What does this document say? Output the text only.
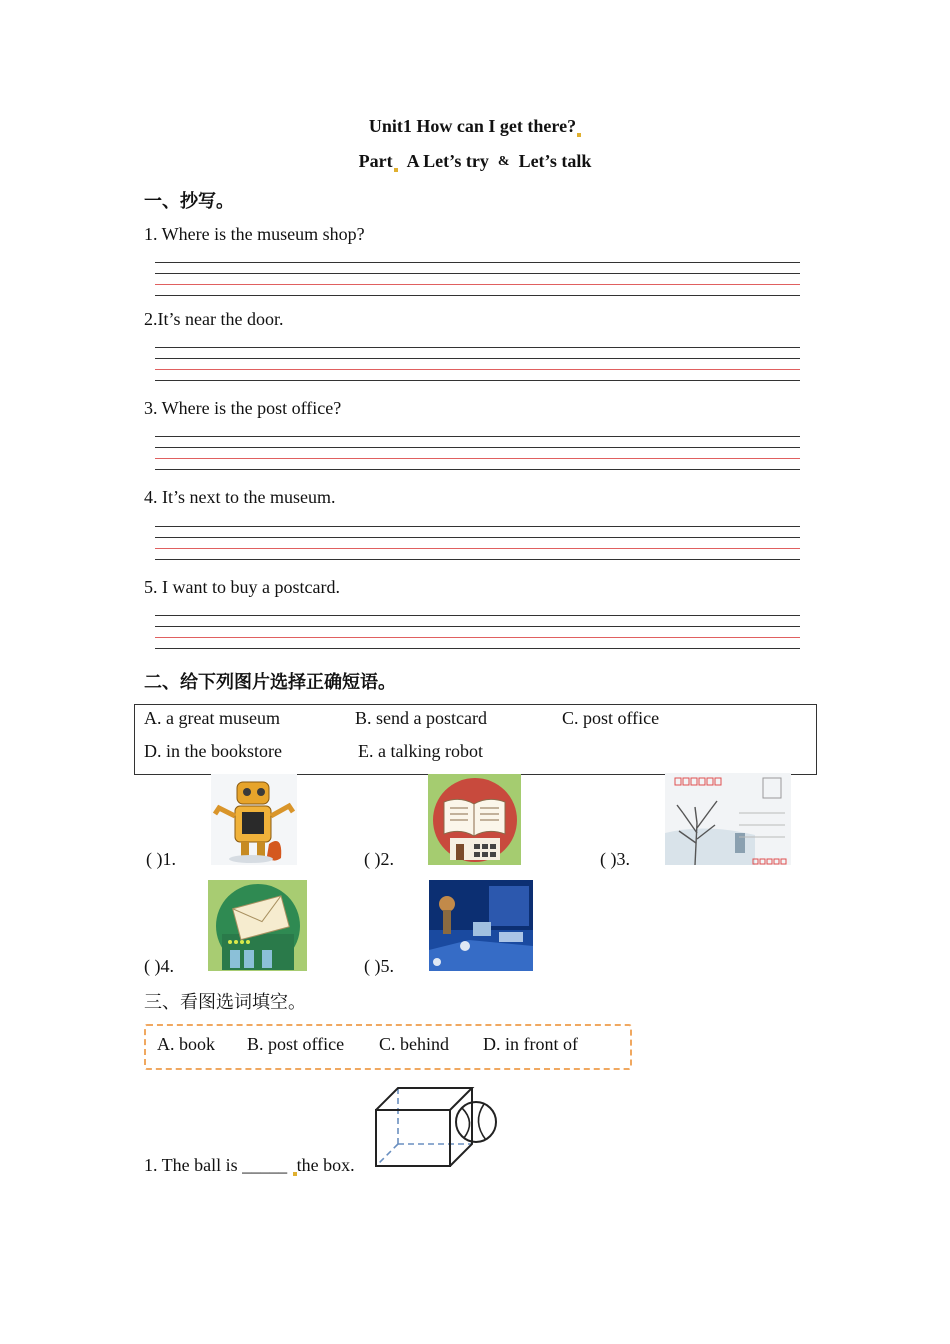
Unit1 How can I get there?
Part A Let’s try & Let’s talk
一、抄写。
1. Where is the museum shop?
2.It’s near the door.
3. Where is the post office?
4. It’s next to the museum.
5. I want to buy a postcard.
二、给下列图片选择正确短语。
A. a great museum	B. send a postcard	C. post office
D. in the bookstore	E. a talking robot
( )1.	( )2.	( )3.
( )4.	( )5.
三、看图选词填空。
A. book B. post office C. behind D. in front of
1. The ball is _____ the box.
